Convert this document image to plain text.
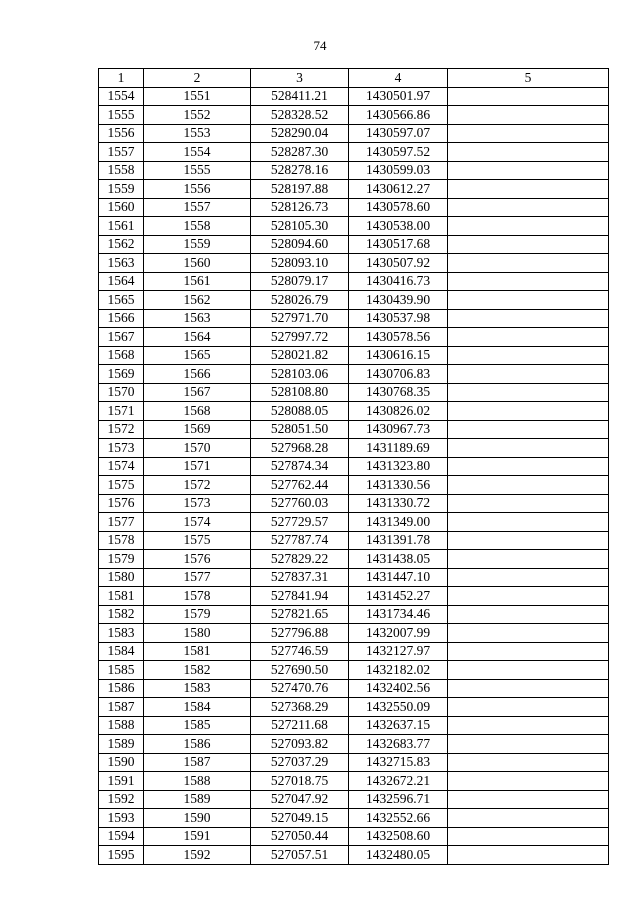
74
1	2	3	4	5
1554	1551	528411.21	1430501.97	
1555	1552	528328.52	1430566.86	
1556	1553	528290.04	1430597.07	
1557	1554	528287.30	1430597.52	
1558	1555	528278.16	1430599.03	
1559	1556	528197.88	1430612.27	
1560	1557	528126.73	1430578.60	
1561	1558	528105.30	1430538.00	
1562	1559	528094.60	1430517.68	
1563	1560	528093.10	1430507.92	
1564	1561	528079.17	1430416.73	
1565	1562	528026.79	1430439.90	
1566	1563	527971.70	1430537.98	
1567	1564	527997.72	1430578.56	
1568	1565	528021.82	1430616.15	
1569	1566	528103.06	1430706.83	
1570	1567	528108.80	1430768.35	
1571	1568	528088.05	1430826.02	
1572	1569	528051.50	1430967.73	
1573	1570	527968.28	1431189.69	
1574	1571	527874.34	1431323.80	
1575	1572	527762.44	1431330.56	
1576	1573	527760.03	1431330.72	
1577	1574	527729.57	1431349.00	
1578	1575	527787.74	1431391.78	
1579	1576	527829.22	1431438.05	
1580	1577	527837.31	1431447.10	
1581	1578	527841.94	1431452.27	
1582	1579	527821.65	1431734.46	
1583	1580	527796.88	1432007.99	
1584	1581	527746.59	1432127.97	
1585	1582	527690.50	1432182.02	
1586	1583	527470.76	1432402.56	
1587	1584	527368.29	1432550.09	
1588	1585	527211.68	1432637.15	
1589	1586	527093.82	1432683.77	
1590	1587	527037.29	1432715.83	
1591	1588	527018.75	1432672.21	
1592	1589	527047.92	1432596.71	
1593	1590	527049.15	1432552.66	
1594	1591	527050.44	1432508.60	
1595	1592	527057.51	1432480.05	
